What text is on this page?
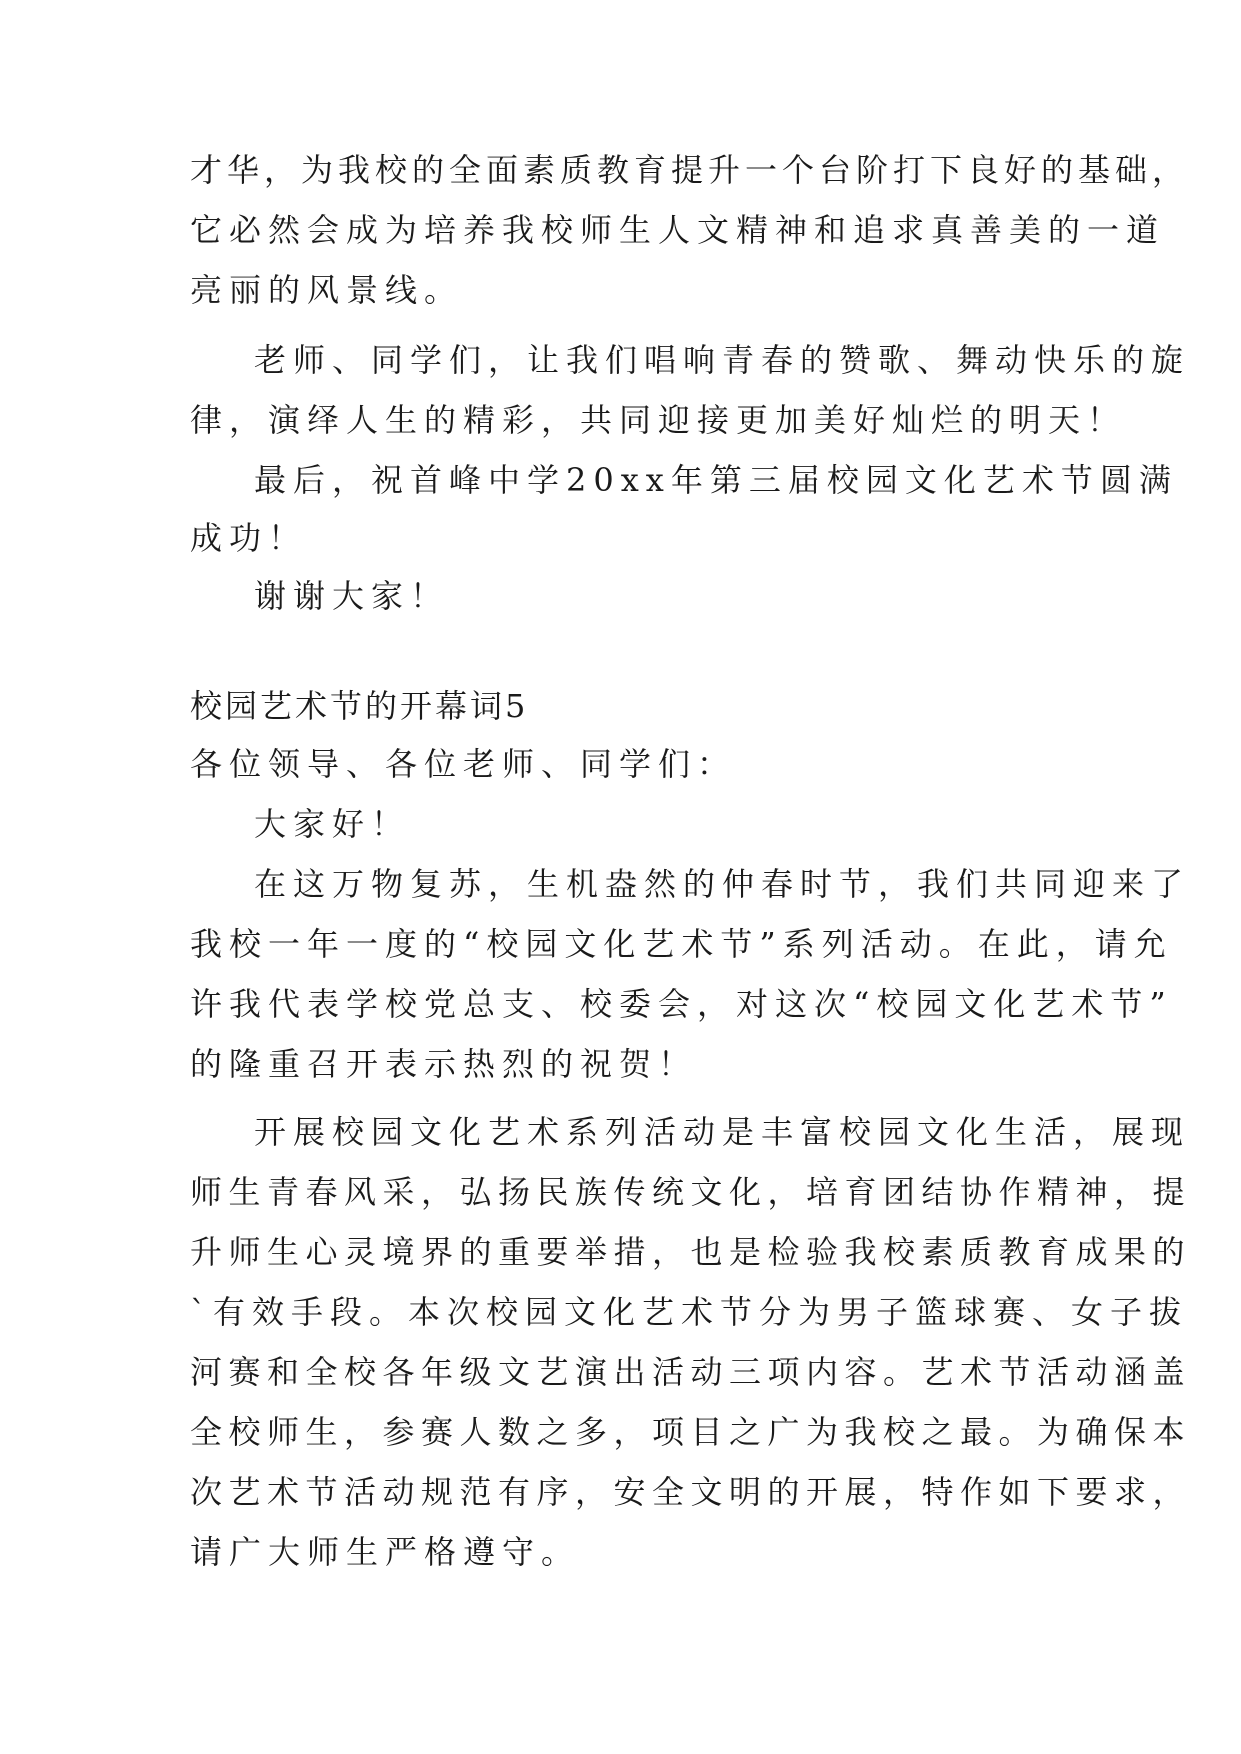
才华，为我校的全面素质教育提升一个台阶打下良好的基础，
它必然会成为培养我校师生人文精神和追求真善美的一道
亮丽的风景线。
老师、同学们，让我们唱响青春的赞歌、舞动快乐的旋
律，演绎人生的精彩，共同迎接更加美好灿烂的明天！
最后，祝首峰中学20xx年第三届校园文化艺术节圆满
成功！
谢谢大家！
校园艺术节的开幕词5
各位领导、各位老师、同学们：
大家好！
在这万物复苏，生机盎然的仲春时节，我们共同迎来了
我校一年一度的“校园文化艺术节”系列活动。在此，请允
许我代表学校党总支、校委会，对这次“校园文化艺术节”
的隆重召开表示热烈的祝贺！
开展校园文化艺术系列活动是丰富校园文化生活，展现
师生青春风采，弘扬民族传统文化，培育团结协作精神，提
升师生心灵境界的重要举措，也是检验我校素质教育成果的
`有效手段。本次校园文化艺术节分为男子篮球赛、女子拔
河赛和全校各年级文艺演出活动三项内容。艺术节活动涵盖
全校师生，参赛人数之多，项目之广为我校之最。为确保本
次艺术节活动规范有序，安全文明的开展，特作如下要求，
请广大师生严格遵守。
